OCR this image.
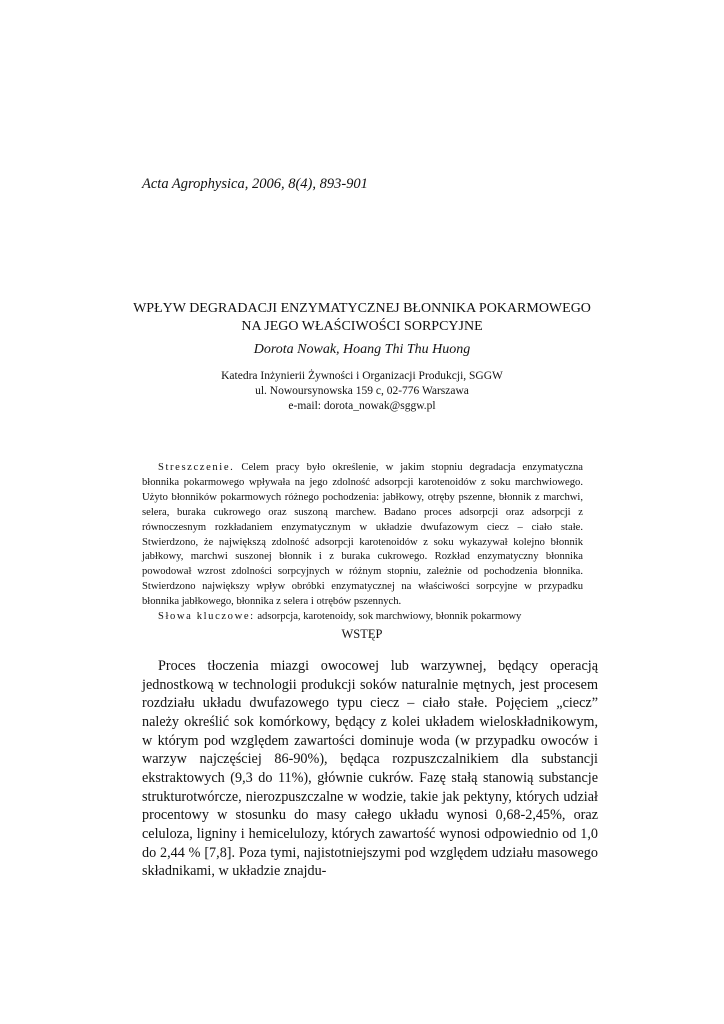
Acta Agrophysica, 2006, 8(4), 893-901
WPŁYW DEGRADACJI ENZYMATYCZNEJ BŁONNIKA POKARMOWEGO
NA JEGO WŁAŚCIWOŚCI SORPCYJNE
Dorota Nowak, Hoang Thi Thu Huong
Katedra Inżynierii Żywności i Organizacji Produkcji, SGGW
ul. Nowoursynowska 159 c, 02-776 Warszawa
e-mail: dorota_nowak@sggw.pl

Streszczenie. Celem pracy było określenie, w jakim stopniu degradacja enzymatyczna błonnika pokarmowego wpływała na jego zdolność adsorpcji karotenoidów z soku marchwiowego. Użyto błonników pokarmowych różnego pochodzenia: jabłkowy, otręby pszenne, błonnik z marchwi, selera, buraka cukrowego oraz suszoną marchew. Badano proces adsorpcji oraz adsorpcji z równoczesnym rozkładaniem enzymatycznym w układzie dwufazowym ciecz – ciało stałe. Stwierdzono, że największą zdolność adsorpcji karotenoidów z soku wykazywał kolejno błonnik jabłkowy, marchwi suszonej błonnik i z buraka cukrowego. Rozkład enzymatyczny błonnika powodował wzrost zdolności sorpcyjnych w różnym stopniu, zależnie od pochodzenia błonnika. Stwierdzono największy wpływ obróbki enzymatycznej na właściwości sorpcyjne w przypadku błonnika jabłkowego, błonnika z selera i otrębów pszennych.

Słowa kluczowe: adsorpcja, karotenoidy, sok marchwiowy, błonnik pokarmowy

WSTĘP

Proces tłoczenia miazgi owocowej lub warzywnej, będący operacją jednostkową w technologii produkcji soków naturalnie mętnych, jest procesem rozdziału układu dwufazowego typu ciecz – ciało stałe. Pojęciem „ciecz” należy określić sok komórkowy, będący z kolei układem wieloskładnikowym, w którym pod względem zawartości dominuje woda (w przypadku owoców i warzyw najczęściej 86-90%), będąca rozpuszczalnikiem dla substancji ekstraktowych (9,3 do 11%), głównie cukrów. Fazę stałą stanowią substancje strukturotwórcze, nierozpuszczalne w wodzie, takie jak pektyny, których udział procentowy w stosunku do masy całego układu wynosi 0,68-2,45%, oraz celuloza, ligniny i hemicelulozy, których zawartość wynosi odpowiednio od 1,0 do 2,44 % [7,8]. Poza tymi, najistotniejszymi pod względem udziału masowego składnikami, w układzie znajdu-
